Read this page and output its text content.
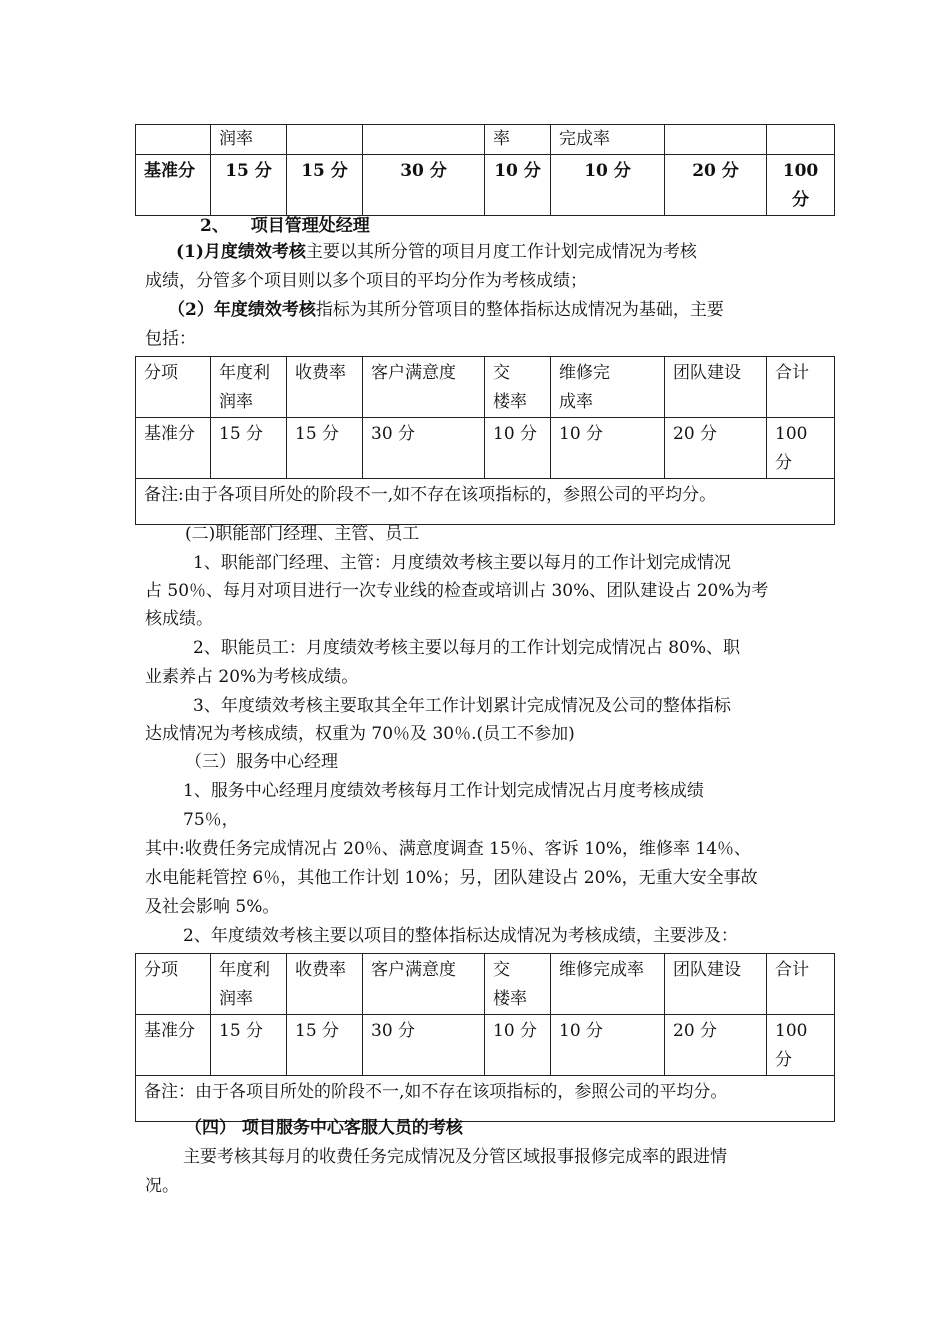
	润率			率	完成率		
基准分	15 分	15 分	30 分	10 分	10 分	20 分	100 分
2、 项目管理处经理
(1)月度绩效考核主要以其所分管的项目月度工作计划完成情况为考核
成绩，分管多个项目则以多个项目的平均分作为考核成绩；
（2）年度绩效考核指标为其所分管项目的整体指标达成情况为基础，主要
包括：
分项	年度利润率	收费率	客户满意度	交 楼率	维修完成率	团队建设	合计
基准分	15 分	15 分	30 分	10 分	10 分	20 分	100 分
备注:由于各项目所处的阶段不一,如不存在该项指标的，参照公司的平均分。							
(二)职能部门经理、主管、员工
1、职能部门经理、主管：月度绩效考核主要以每月的工作计划完成情况
占 50％、每月对项目进行一次专业线的检查或培训占 30%、团队建设占 20%为考
核成绩。
2、职能员工：月度绩效考核主要以每月的工作计划完成情况占 80%、职
业素养占 20%为考核成绩。
3、年度绩效考核主要取其全年工作计划累计完成情况及公司的整体指标
达成情况为考核成绩，权重为 70％及 30％.(员工不参加)
（三）服务中心经理
1、服务中心经理月度绩效考核每月工作计划完成情况占月度考核成绩
75％，
其中:收费任务完成情况占 20％、满意度调查 15％、客诉 10%，维修率 14％、
水电能耗管控 6％，其他工作计划 10%；另，团队建设占 20%，无重大安全事故
及社会影响 5%。
2、年度绩效考核主要以项目的整体指标达成情况为考核成绩，主要涉及：
分项	年度利润率	收费率	客户满意度	交 楼率	维修完成率	团队建设	合计
基准分	15 分	15 分	30 分	10 分	10 分	20 分	100 分
备注：由于各项目所处的阶段不一,如不存在该项指标的，参照公司的平均分。							
（四） 项目服务中心客服人员的考核
主要考核其每月的收费任务完成情况及分管区域报事报修完成率的跟进情
况。
